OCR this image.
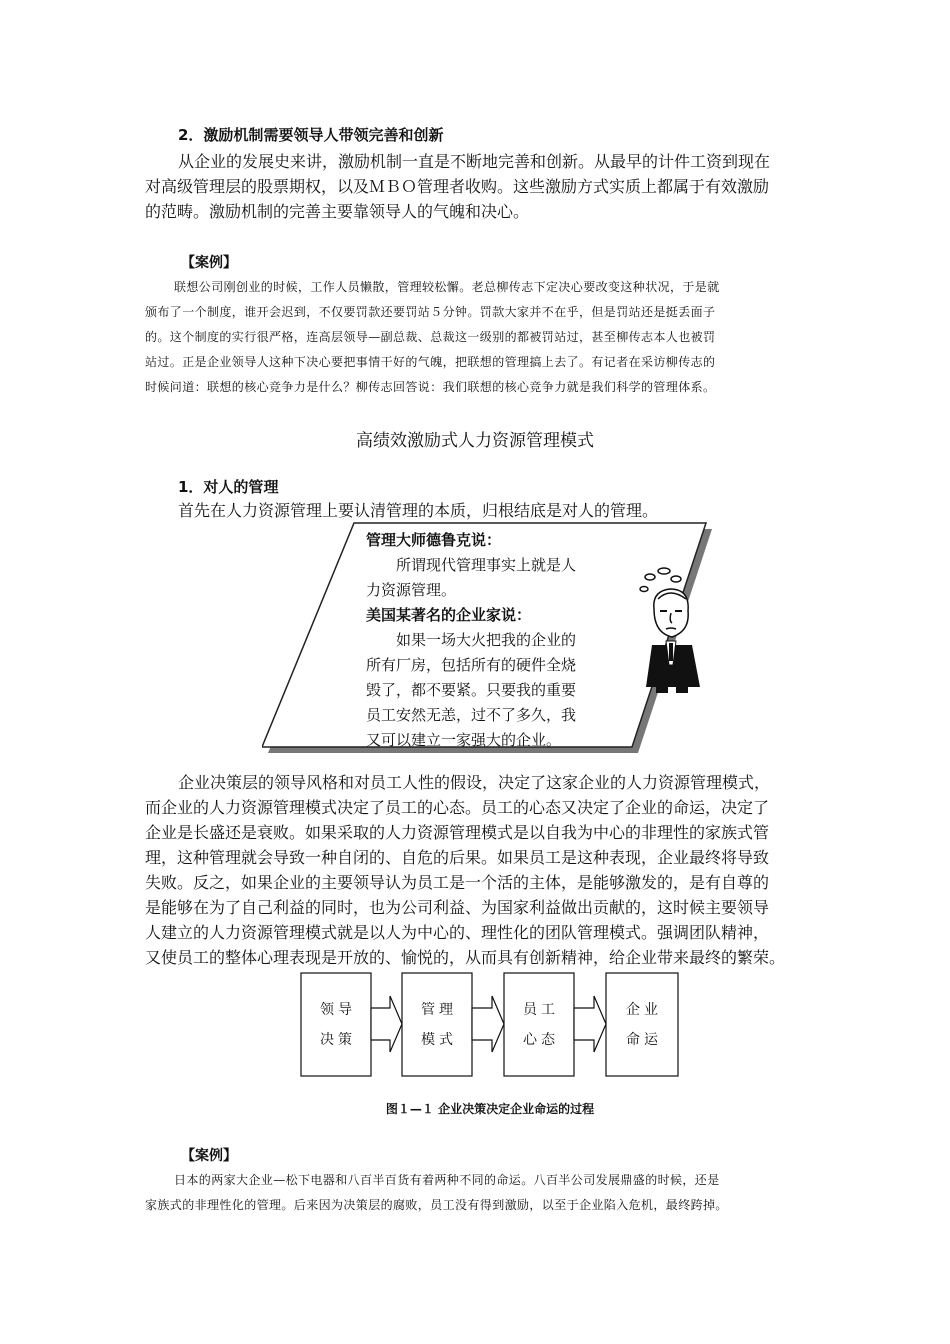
2．激励机制需要领导人带领完善和创新

从企业的发展史来讲，激励机制一直是不断地完善和创新。从最早的计件工资到现在

对高级管理层的股票期权，以及ＭＢＯ管理者收购。这些激励方式实质上都属于有效激励

的范畴。激励机制的完善主要靠领导人的气魄和决心。

【案例】

联想公司刚创业的时候，工作人员懒散，管理较松懈。老总柳传志下定决心要改变这种状况，于是就

颁布了一个制度，谁开会迟到，不仅要罚款还要罚站５分钟。罚款大家并不在乎，但是罚站还是挺丢面子

的。这个制度的实行很严格，连高层领导—副总裁、总裁这一级别的都被罚站过，甚至柳传志本人也被罚

站过。正是企业领导人这种下决心要把事情干好的气魄，把联想的管理搞上去了。有记者在采访柳传志的

时候问道：联想的核心竞争力是什么？柳传志回答说：我们联想的核心竞争力就是我们科学的管理体系。

高绩效激励式人力资源管理模式

1．对人的管理

首先在人力资源管理上要认清管理的本质，归根结底是对人的管理。

管理大师德鲁克说：
所谓现代管理事实上就是人
力资源管理。
美国某著名的企业家说：
如果一场大火把我的企业的
所有厂房，包括所有的硬件全烧
毁了，都不要紧。只要我的重要
员工安然无恙，过不了多久，我
又可以建立一家强大的企业。

企业决策层的领导风格和对员工人性的假设，决定了这家企业的人力资源管理模式，

而企业的人力资源管理模式决定了员工的心态。员工的心态又决定了企业的命运，决定了

企业是长盛还是衰败。如果采取的人力资源管理模式是以自我为中心的非理性的家族式管

理，这种管理就会导致一种自闭的、自危的后果。如果员工是这种表现，企业最终将导致

失败。反之，如果企业的主要领导认为员工是一个活的主体，是能够激发的，是有自尊的

是能够在为了自己利益的同时，也为公司利益、为国家利益做出贡献的，这时候主要领导

人建立的人力资源管理模式就是以人为中心的、理性化的团队管理模式。强调团队精神，

又使员工的整体心理表现是开放的、愉悦的，从而具有创新精神，给企业带来最终的繁荣。

领导
决策
管理
模式
员工
心态
企业
命运

图１—１ 企业决策决定企业命运的过程

【案例】

日本的两家大企业—松下电器和八百半百货有着两种不同的命运。八百半公司发展鼎盛的时候，还是

家族式的非理性化的管理。后来因为决策层的腐败，员工没有得到激励，以至于企业陷入危机，最终跨掉。
